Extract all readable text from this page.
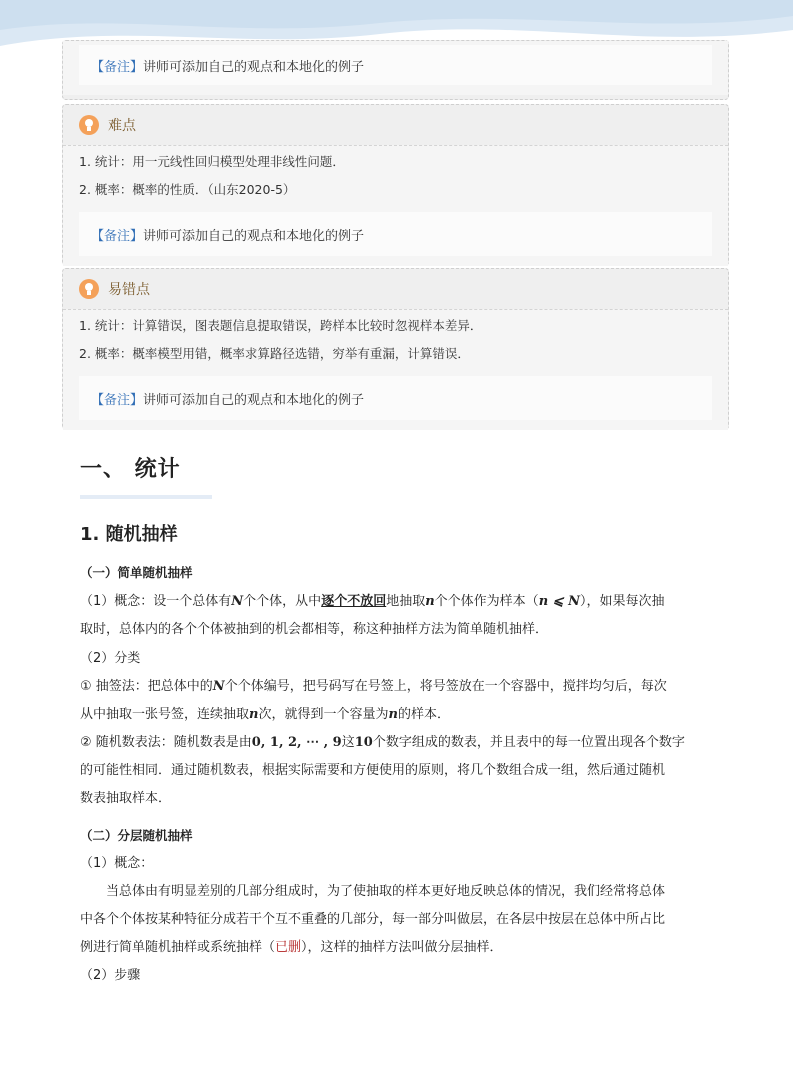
【备注】 讲师可添加自己的观点和本地化的例子
难点
1. 统计：用一元线性回归模型处理非线性问题．
2. 概率：概率的性质．（山东2020-5）
【备注】 讲师可添加自己的观点和本地化的例子
易错点
1. 统计：计算错误，图表题信息提取错误，跨样本比较时忽视样本差异．
2. 概率：概率模型用错，概率求算路径选错，穷举有重漏，计算错误．
【备注】 讲师可添加自己的观点和本地化的例子
一、 统计
1. 随机抽样
（一）简单随机抽样
（1）概念：设一个总体有N个个体，从中逐个不放回地抽取n个个体作为样本（n ⩽ N），如果每次抽
取时，总体内的各个个体被抽到的机会都相等，称这种抽样方法为简单随机抽样．
（2）分类
① 抽签法：把总体中的N个个体编号，把号码写在号签上，将号签放在一个容器中，搅拌均匀后，每次
从中抽取一张号签，连续抽取n次，就得到一个容量为n的样本．
② 随机数表法：随机数表是由0, 1, 2, ⋯ , 9这10个数字组成的数表，并且表中的每一位置出现各个数字
的可能性相同．通过随机数表，根据实际需要和方便使用的原则，将几个数组合成一组，然后通过随机
数表抽取样本．
（二）分层随机抽样
（1）概念：
当总体由有明显差别的几部分组成时，为了使抽取的样本更好地反映总体的情况，我们经常将总体
中各个个体按某种特征分成若干个互不重叠的几部分，每一部分叫做层，在各层中按层在总体中所占比
例进行简单随机抽样或系统抽样（已删），这样的抽样方法叫做分层抽样．
（2）步骤
